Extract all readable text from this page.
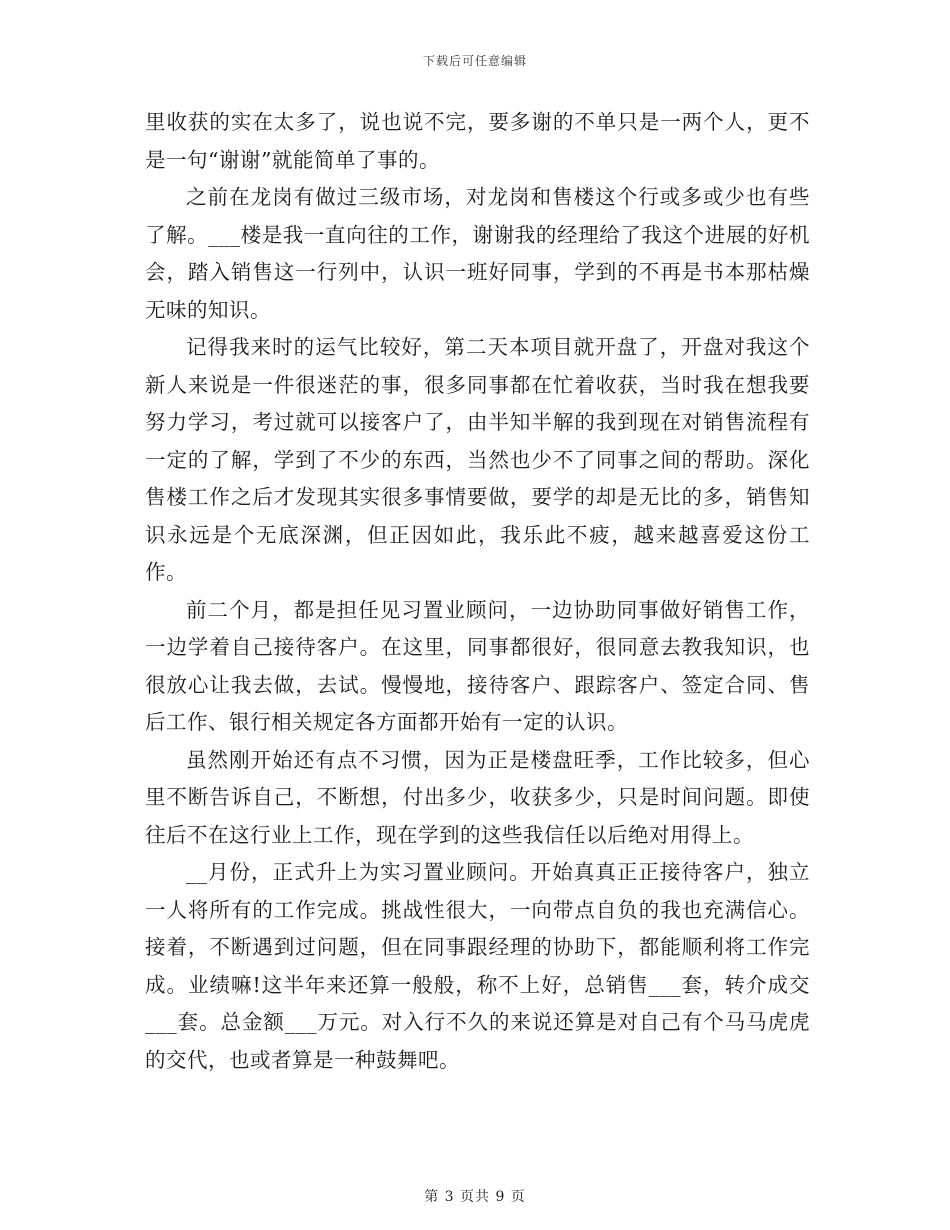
下载后可任意编辑

里收获的实在太多了，说也说不完，要多谢的不单只是一两个人，更不是一句“谢谢”就能简单了事的。

之前在龙岗有做过三级市场，对龙岗和售楼这个行或多或少也有些了解。___楼是我一直向往的工作，谢谢我的经理给了我这个进展的好机会，踏入销售这一行列中，认识一班好同事，学到的不再是书本那枯燥无味的知识。

记得我来时的运气比较好，第二天本项目就开盘了，开盘对我这个新人来说是一件很迷茫的事，很多同事都在忙着收获，当时我在想我要努力学习，考过就可以接客户了，由半知半解的我到现在对销售流程有一定的了解，学到了不少的东西，当然也少不了同事之间的帮助。深化售楼工作之后才发现其实很多事情要做，要学的却是无比的多，销售知识永远是个无底深渊，但正因如此，我乐此不疲，越来越喜爱这份工作。

前二个月，都是担任见习置业顾问，一边协助同事做好销售工作，一边学着自己接待客户。在这里，同事都很好，很同意去教我知识，也很放心让我去做，去试。慢慢地，接待客户、跟踪客户、签定合同、售后工作、银行相关规定各方面都开始有一定的认识。

虽然刚开始还有点不习惯，因为正是楼盘旺季，工作比较多，但心里不断告诉自己，不断想，付出多少，收获多少，只是时间问题。即使往后不在这行业上工作，现在学到的这些我信任以后绝对用得上。

__月份，正式升上为实习置业顾问。开始真真正正接待客户，独立一人将所有的工作完成。挑战性很大，一向带点自负的我也充满信心。接着，不断遇到过问题，但在同事跟经理的协助下，都能顺利将工作完成。业绩嘛!这半年来还算一般般，称不上好，总销售___套，转介成交___套。总金额___万元。对入行不久的来说还算是对自己有个马马虎虎的交代，也或者算是一种鼓舞吧。

第 3 页共 9 页
